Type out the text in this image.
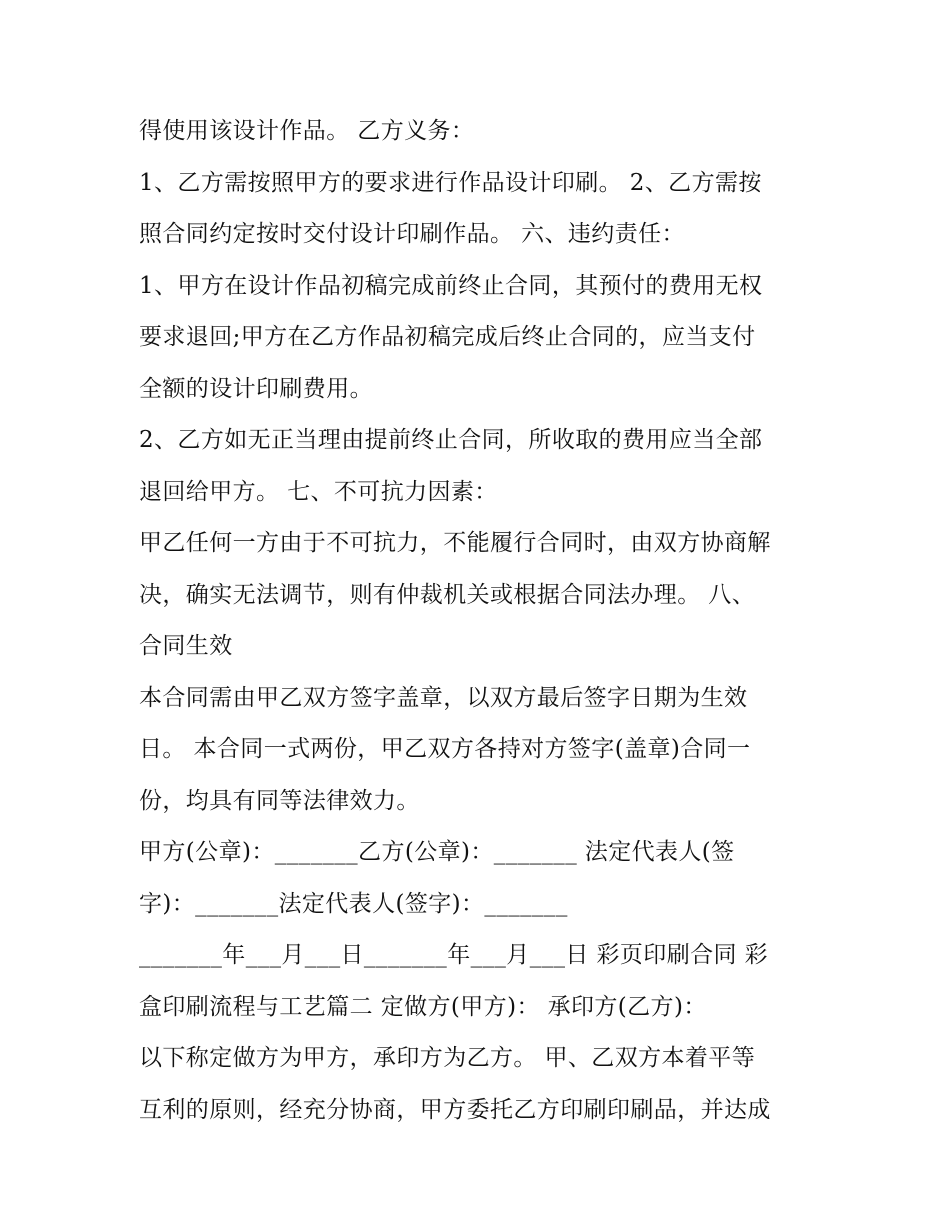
得使用该设计作品。 乙方义务：
1、乙方需按照甲方的要求进行作品设计印刷。 2、乙方需按
照合同约定按时交付设计印刷作品。 六、违约责任：
1、甲方在设计作品初稿完成前终止合同，其预付的费用无权
要求退回;甲方在乙方作品初稿完成后终止合同的，应当支付
全额的设计印刷费用。
2、乙方如无正当理由提前终止合同，所收取的费用应当全部
退回给甲方。 七、不可抗力因素：
甲乙任何一方由于不可抗力，不能履行合同时，由双方协商解
决，确实无法调节，则有仲裁机关或根据合同法办理。 八、
合同生效
本合同需由甲乙双方签字盖章，以双方最后签字日期为生效
日。 本合同一式两份，甲乙双方各持对方签字(盖章)合同一
份，均具有同等法律效力。
甲方(公章)：_______乙方(公章)：_______ 法定代表人(签
字)：_______法定代表人(签字)：_______
_______年___月___日_______年___月___日 彩页印刷合同 彩
盒印刷流程与工艺篇二 定做方(甲方)： 承印方(乙方)：
以下称定做方为甲方，承印方为乙方。 甲、乙双方本着平等
互利的原则，经充分协商，甲方委托乙方印刷印刷品，并达成
